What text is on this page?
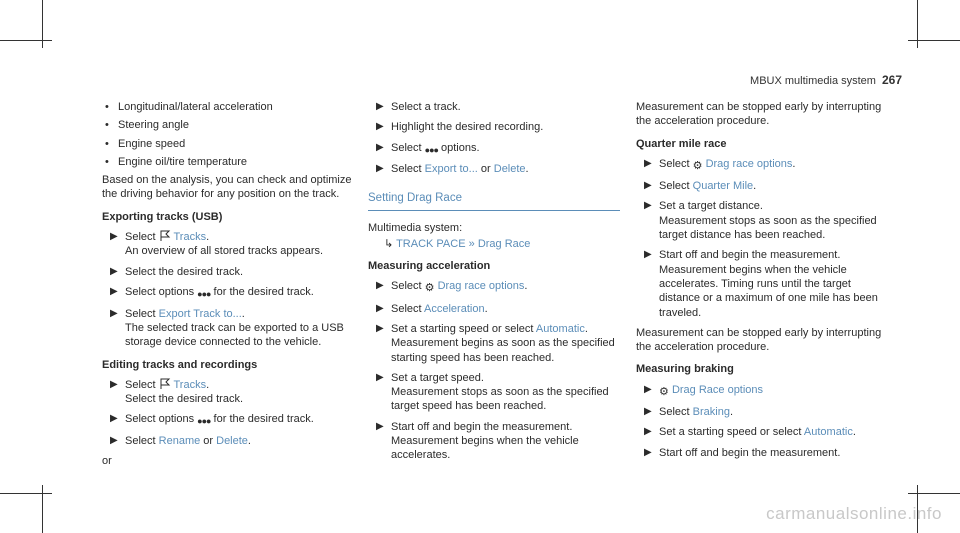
MBUX multimedia system 267
• Longitudinal/lateral acceleration
• Steering angle
• Engine speed
• Engine oil/tire temperature
Based on the analysis, you can check and optimize the driving behavior for any position on the track.
Exporting tracks (USB)
▶ Select Tracks.
An overview of all stored tracks appears.
▶ Select the desired track.
▶ Select options ●●● for the desired track.
▶ Select Export Track to....
The selected track can be exported to a USB storage device connected to the vehicle.
Editing tracks and recordings
▶ Select Tracks.
Select the desired track.
▶ Select options ●●● for the desired track.
▶ Select Rename or Delete.
or
▶ Select a track.
▶ Highlight the desired recording.
▶ Select ●●● options.
▶ Select Export to... or Delete.
Setting Drag Race
Multimedia system:
↳ TRACK PACE » Drag Race
Measuring acceleration
▶ Select ⚙ Drag race options.
▶ Select Acceleration.
▶ Set a starting speed or select Automatic.
Measurement begins as soon as the specified starting speed has been reached.
▶ Set a target speed.
Measurement stops as soon as the specified target speed has been reached.
▶ Start off and begin the measurement.
Measurement begins when the vehicle accelerates.
Measurement can be stopped early by interrupting the acceleration procedure.
Quarter mile race
▶ Select ⚙ Drag race options.
▶ Select Quarter Mile.
▶ Set a target distance.
Measurement stops as soon as the specified target distance has been reached.
▶ Start off and begin the measurement.
Measurement begins when the vehicle accelerates. Timing runs until the target distance or a maximum of one mile has been traveled.
Measurement can be stopped early by interrupting the acceleration procedure.
Measuring braking
▶ ⚙ Drag Race options
▶ Select Braking.
▶ Set a starting speed or select Automatic.
▶ Start off and begin the measurement.
carmanualsonline.info
